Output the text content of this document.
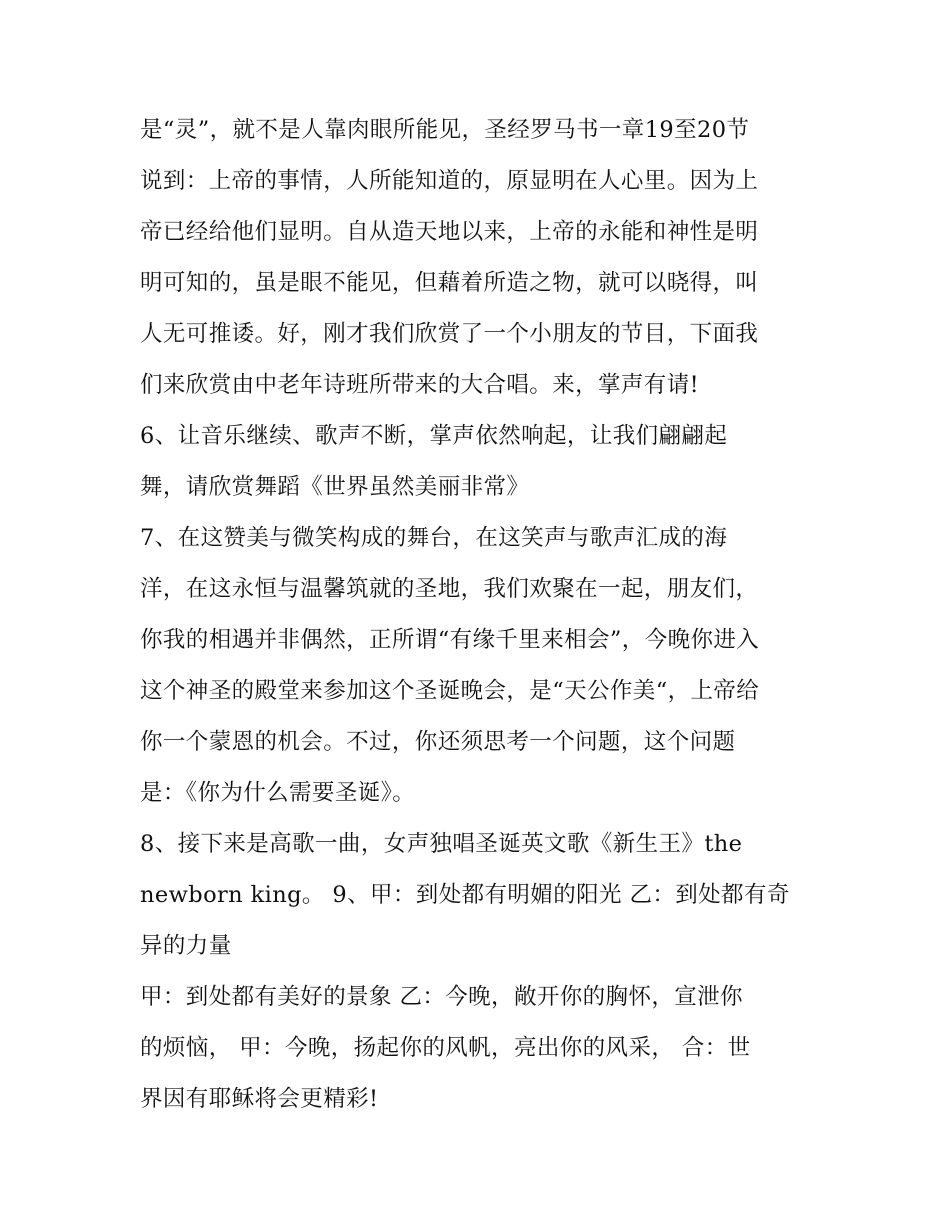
是“灵”，就不是人靠肉眼所能见，圣经罗马书一章19至20节
说到：上帝的事情，人所能知道的，原显明在人心里。因为上
帝已经给他们显明。自从造天地以来，上帝的永能和神性是明
明可知的，虽是眼不能见，但藉着所造之物，就可以晓得，叫
人无可推诿。好，刚才我们欣赏了一个小朋友的节目，下面我
们来欣赏由中老年诗班所带来的大合唱。来，掌声有请!
6、让音乐继续、歌声不断，掌声依然响起，让我们翩翩起
舞，请欣赏舞蹈《世界虽然美丽非常》
7、在这赞美与微笑构成的舞台，在这笑声与歌声汇成的海
洋，在这永恒与温馨筑就的圣地，我们欢聚在一起，朋友们，
你我的相遇并非偶然，正所谓“有缘千里来相会”，今晚你进入
这个神圣的殿堂来参加这个圣诞晚会，是“天公作美“，上帝给
你一个蒙恩的机会。不过，你还须思考一个问题，这个问题
是：《你为什么需要圣诞》。
8、接下来是高歌一曲，女声独唱圣诞英文歌《新生王》the
newborn king。 9、甲：到处都有明媚的阳光 乙：到处都有奇
异的力量
甲：到处都有美好的景象 乙：今晚，敞开你的胸怀，宣泄你
的烦恼， 甲：今晚，扬起你的风帆，亮出你的风采， 合：世
界因有耶稣将会更精彩!
